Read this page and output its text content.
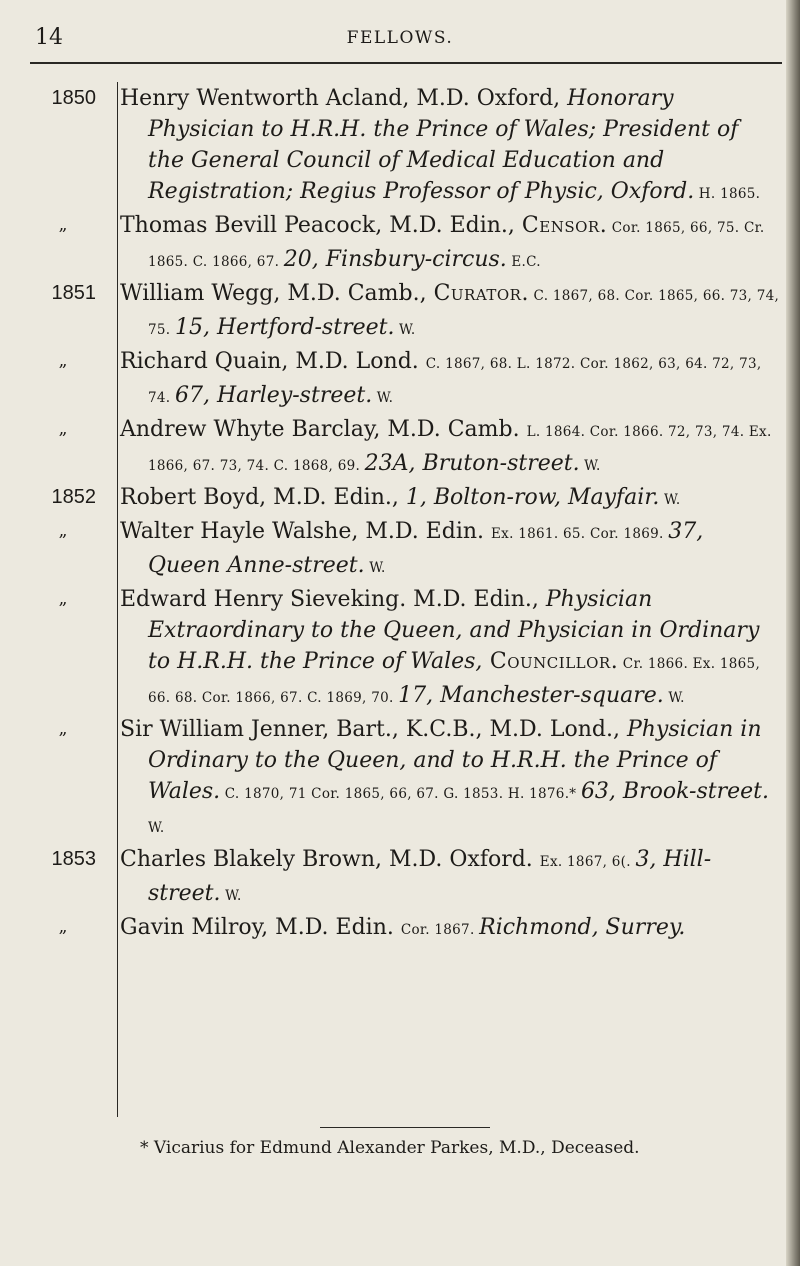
14	FELLOWS.
1850 Henry Wentworth Acland, M.D. Oxford, Honorary Physician to H.R.H. the Prince of Wales; President of the General Council of Medical Education and Registration; Regius Professor of Physic, Oxford. H. 1865.
„	Thomas Bevill Peacock, M.D. Edin., Censor. Cor. 1865, 66, 75. Cr. 1865. C. 1866, 67. 20, Finsbury-circus. E.C.
1851 William Wegg, M.D. Camb., Curator. C. 1867, 68. Cor. 1865, 66. 73, 74, 75. 15, Hertford-street. W.
„	Richard Quain, M.D. Lond. C. 1867, 68. L. 1872. Cor. 1862, 63, 64. 72, 73, 74. 67, Harley-street. W.
„	Andrew Whyte Barclay, M.D. Camb. L. 1864. Cor. 1866. 72, 73, 74. Ex. 1866, 67. 73, 74. C. 1868, 69. 23A, Bruton-street. W.
1852 Robert Boyd, M.D. Edin., 1, Bolton-row, Mayfair. W.
„	Walter Hayle Walshe, M.D. Edin. Ex. 1861. 65. Cor. 1869. 37, Queen Anne-street. W.
„	Edward Henry Sieveking. M.D. Edin., Physician Extraordinary to the Queen, and Physician in Ordinary to H.R.H. the Prince of Wales, Councillor. Cr. 1866. Ex. 1865, 66. 68. Cor. 1866, 67. C. 1869, 70. 17, Manchester-square. W.
„	Sir William Jenner, Bart., K.C.B., M.D. Lond., Physician in Ordinary to the Queen, and to H.R.H. the Prince of Wales. C. 1870, 71 Cor. 1865, 66, 67. G. 1853. H. 1876.* 63, Brook-street. W.
1853 Charles Blakely Brown, M.D. Oxford. Ex. 1867, 6(. 3, Hill-street. W.
„	Gavin Milroy, M.D. Edin. Cor. 1867. Richmond, Surrey.
* Vicarius for Edmund Alexander Parkes, M.D., Deceased.
